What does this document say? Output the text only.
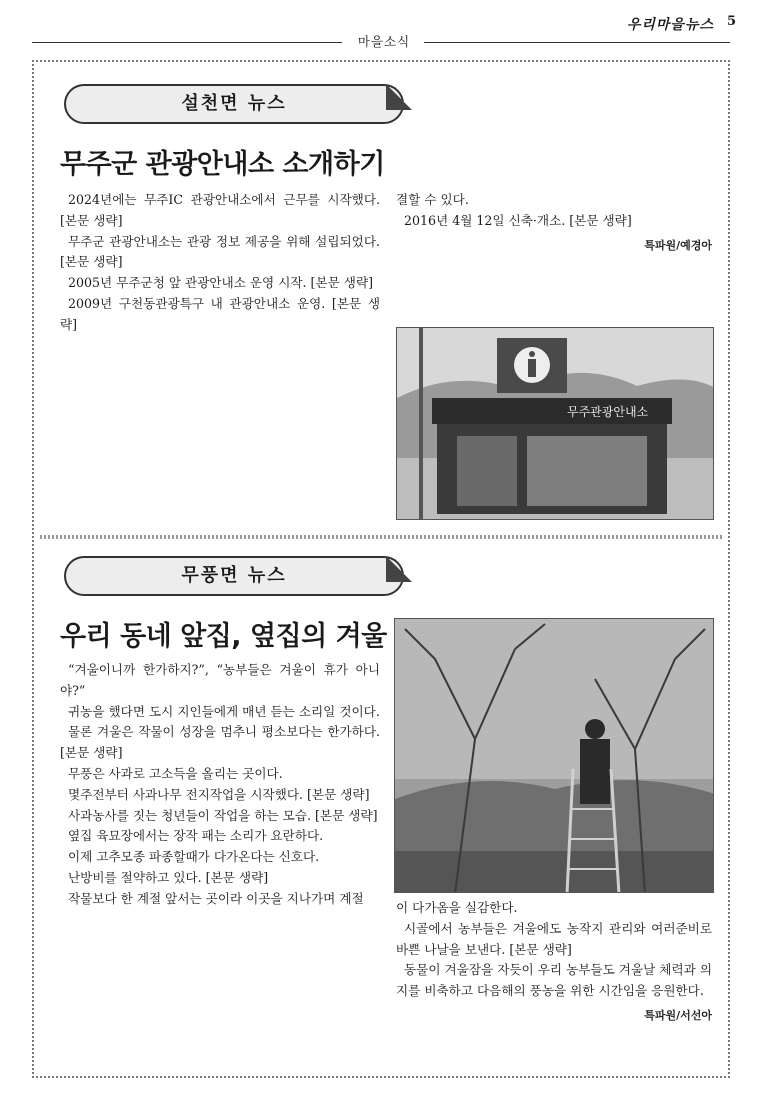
마을소식
우리마을뉴스 5
설천면 뉴스
무주군 관광안내소 소개하기

2024년에는 무주IC 관광안내소에서 근무를 시작했다. [본문 생략]

무주군 관광안내소는 관광 정보 제공을 위해 설립되었다. [본문 생략]

2005년 무주군청 앞 관광안내소 운영 시작. [본문 생략]

2009년 구천동관광특구 내 관광안내소 운영. [본문 생략]

결할 수 있다.

2016년 4월 12일 신축·개소. [본문 생략]

특파원/예경아
무주관광안내소
무풍면 뉴스
우리 동네 앞집, 옆집의 겨울

“겨울이니까 한가하지?”, “농부들은 겨울이 휴가 아니야?”

귀농을 했다면 도시 지인들에게 매년 듣는 소리일 것이다.

물론 겨울은 작물이 성장을 멈추니 평소보다는 한가하다. [본문 생략]

무풍은 사과로 고소득을 올리는 곳이다.

몇주전부터 사과나무 전지작업을 시작했다. [본문 생략]

사과농사를 짓는 청년들이 작업을 하는 모습. [본문 생략]

옆집 육묘장에서는 장작 패는 소리가 요란하다.

이제 고추모종 파종할때가 다가온다는 신호다.

난방비를 절약하고 있다. [본문 생략]

작물보다 한 계절 앞서는 곳이라 이곳을 지나가며 계절

이 다가옴을 실감한다.

시골에서 농부들은 겨울에도 농작지 관리와 여러준비로 바쁜 나날을 보낸다. [본문 생략]

동물이 겨울잠을 자듯이 우리 농부들도 겨울날 체력과 의지를 비축하고 다음해의 풍농을 위한 시간임을 응원한다.

특파원/서선아
